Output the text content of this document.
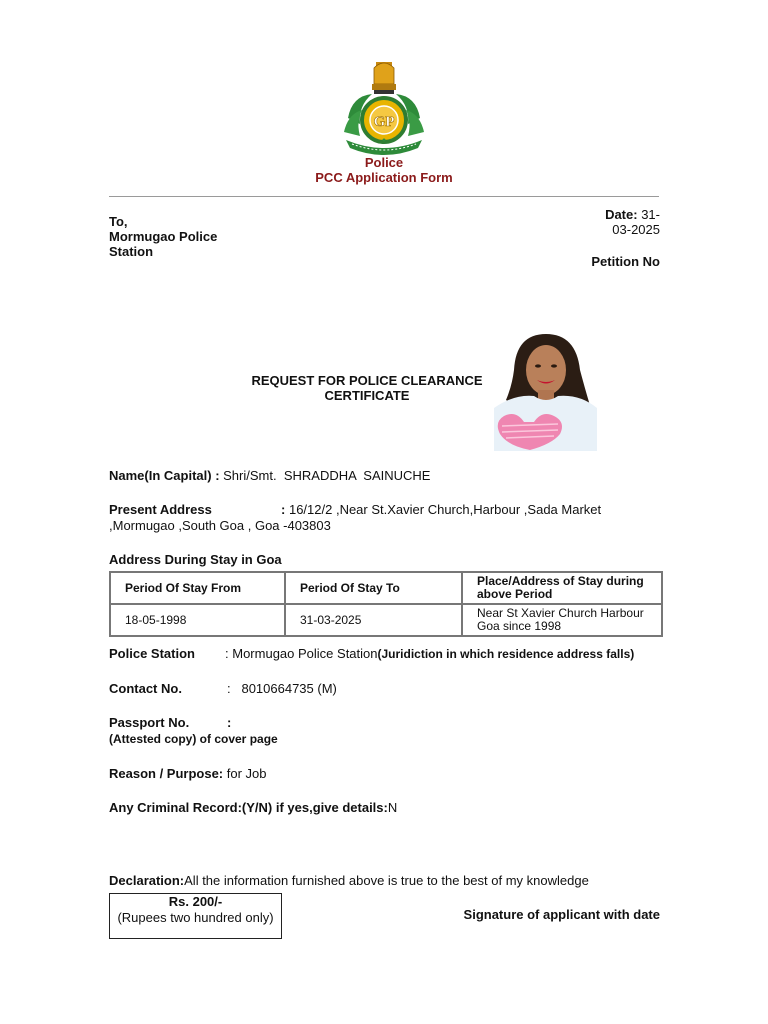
GP
Police
PCC Application Form
To,
Mormugao Police
Station
Date: 31-
03-2025
Petition No
REQUEST FOR POLICE CLEARANCE
CERTIFICATE
Name(In Capital) : Shri/Smt. SHRADDHA  SAINUCHE
Present Address	: 16/12/2 ,Near St.Xavier Church,Harbour ,Sada Market
,Mormugao ,South Goa , Goa -403803
Address During Stay in Goa
Period Of Stay From	Period Of Stay To	Place/Address of Stay during above Period
18-05-1998	31-03-2025	Near St Xavier Church Harbour Goa since 1998
Police Station : Mormugao Police Station(Juridiction in which residence address falls)
Contact No.	: 8010664735 (M)
Passport No.	:
(Attested copy) of cover page
Reason / Purpose: for Job
Any Criminal Record:(Y/N) if yes,give details:N
Declaration:All the information furnished above is true to the best of my knowledge
Rs. 200/-
(Rupees two hundred only)	Signature of applicant with date
